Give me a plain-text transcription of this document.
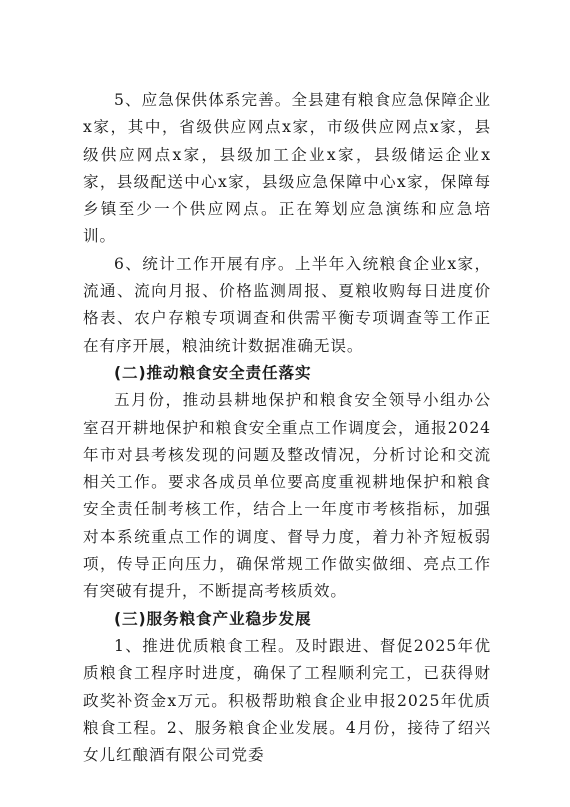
5、应急保供体系完善。全县建有粮食应急保障企业x家，其中，省级供应网点x家，市级供应网点x家，县级供应网点x家，县级加工企业x家，县级储运企业x家，县级配送中心x家，县级应急保障中心x家，保障每乡镇至少一个供应网点。正在筹划应急演练和应急培训。

6、统计工作开展有序。上半年入统粮食企业x家，流通、流向月报、价格监测周报、夏粮收购每日进度价格表、农户存粮专项调查和供需平衡专项调查等工作正在有序开展，粮油统计数据准确无误。

(二)推动粮食安全责任落实

五月份，推动县耕地保护和粮食安全领导小组办公室召开耕地保护和粮食安全重点工作调度会，通报2024年市对县考核发现的问题及整改情况，分析讨论和交流相关工作。要求各成员单位要高度重视耕地保护和粮食安全责任制考核工作，结合上一年度市考核指标，加强对本系统重点工作的调度、督导力度，着力补齐短板弱项，传导正向压力，确保常规工作做实做细、亮点工作有突破有提升，不断提高考核质效。

(三)服务粮食产业稳步发展

1、推进优质粮食工程。及时跟进、督促2025年优质粮食工程序时进度，确保了工程顺利完工，已获得财政奖补资金x万元。积极帮助粮食企业申报2025年优质粮食工程。2、服务粮食企业发展。4月份，接待了绍兴女儿红酿酒有限公司党委
